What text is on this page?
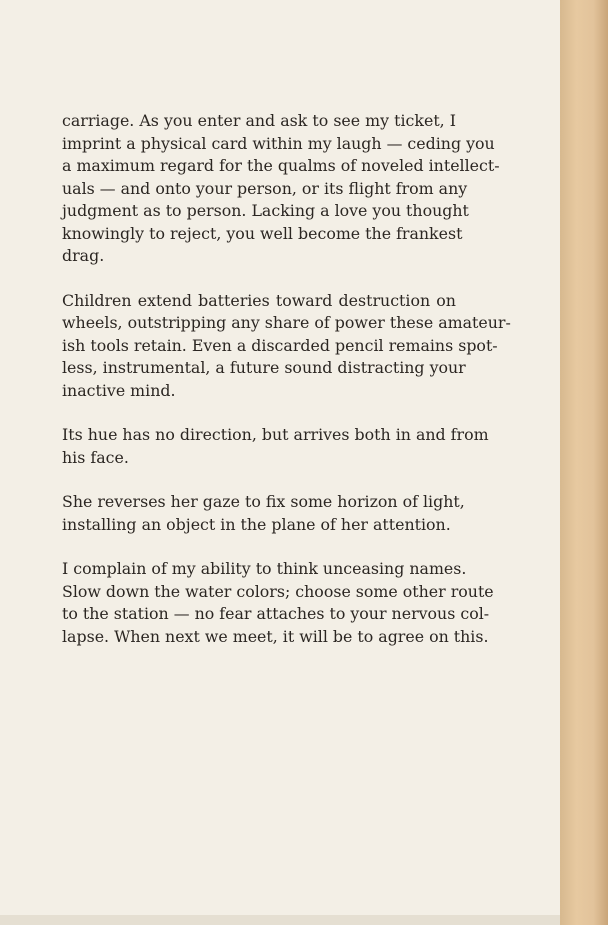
carriage. As you enter and ask to see my ticket, I
imprint a physical card within my laugh — ceding you
a maximum regard for the qualms of noveled intellect-
uals — and onto your person, or its flight from any
judgment as to person. Lacking a love you thought
knowingly to reject, you well become the frankest
drag.

Children extend batteries toward destruction on
wheels, outstripping any share of power these amateur-
ish tools retain. Even a discarded pencil remains spot-
less, instrumental, a future sound distracting your
inactive mind.

Its hue has no direction, but arrives both in and from
his face.

She reverses her gaze to fix some horizon of light,
installing an object in the plane of her attention.

I complain of my ability to think unceasing names.
Slow down the water colors; choose some other route
to the station — no fear attaches to your nervous col-
lapse. When next we meet, it will be to agree on this.
